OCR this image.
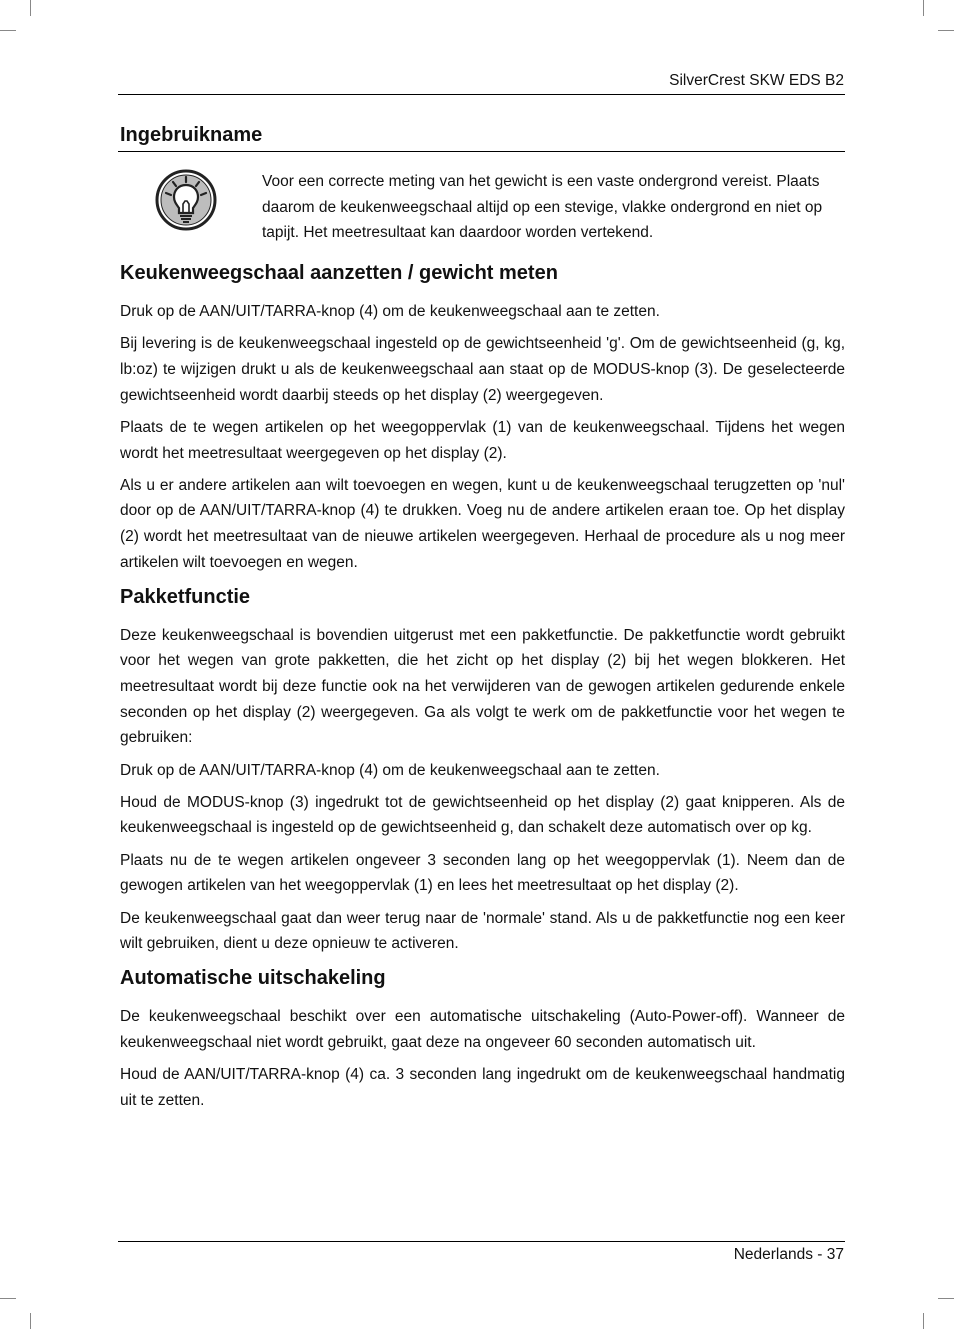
SilverCrest SKW EDS B2
Ingebruikname

Voor een correcte meting van het gewicht is een vaste ondergrond vereist. Plaats daarom de keukenweegschaal altijd op een stevige, vlakke ondergrond en niet op tapijt. Het meetresultaat kan daardoor worden vertekend.

Keukenweegschaal aanzetten / gewicht meten

Druk op de AAN/UIT/TARRA-knop (4) om de keukenweegschaal aan te zetten.

Bij levering is de keukenweegschaal ingesteld op de gewichtseenheid 'g'. Om de gewichtseenheid (g, kg, lb:oz) te wijzigen drukt u als de keukenweegschaal aan staat op de MODUS-knop (3). De geselecteerde gewichtseenheid wordt daarbij steeds op het display (2) weergegeven.

Plaats de te wegen artikelen op het weegoppervlak (1) van de keukenweegschaal. Tijdens het wegen wordt het meetresultaat weergegeven op het display (2).

Als u er andere artikelen aan wilt toevoegen en wegen, kunt u de keukenweegschaal terugzetten op 'nul' door op de AAN/UIT/TARRA-knop (4) te drukken. Voeg nu de andere artikelen eraan toe. Op het display (2) wordt het meetresultaat van de nieuwe artikelen weergegeven. Herhaal de procedure als u nog meer artikelen wilt toevoegen en wegen.

Pakketfunctie

Deze keukenweegschaal is bovendien uitgerust met een pakketfunctie. De pakketfunctie wordt gebruikt voor het wegen van grote pakketten, die het zicht op het display (2) bij het wegen blokkeren. Het meetresultaat wordt bij deze functie ook na het verwijderen van de gewogen artikelen gedurende enkele seconden op het display (2) weergegeven. Ga als volgt te werk om de pakketfunctie voor het wegen te gebruiken:

Druk op de AAN/UIT/TARRA-knop (4) om de keukenweegschaal aan te zetten.

Houd de MODUS-knop (3) ingedrukt tot de gewichtseenheid op het display (2) gaat knipperen. Als de keukenweegschaal is ingesteld op de gewichtseenheid g, dan schakelt deze automatisch over op kg.

Plaats nu de te wegen artikelen ongeveer 3 seconden lang op het weegoppervlak (1). Neem dan de gewogen artikelen van het weegoppervlak (1) en lees het meetresultaat op het display (2).

De keukenweegschaal gaat dan weer terug naar de 'normale' stand. Als u de pakketfunctie nog een keer wilt gebruiken, dient u deze opnieuw te activeren.

Automatische uitschakeling

De keukenweegschaal beschikt over een automatische uitschakeling (Auto-Power-off). Wanneer de keukenweegschaal niet wordt gebruikt, gaat deze na ongeveer 60 seconden automatisch uit.

Houd de AAN/UIT/TARRA-knop (4) ca. 3 seconden lang ingedrukt om de keukenweegschaal handmatig uit te zetten.

Nederlands - 37
